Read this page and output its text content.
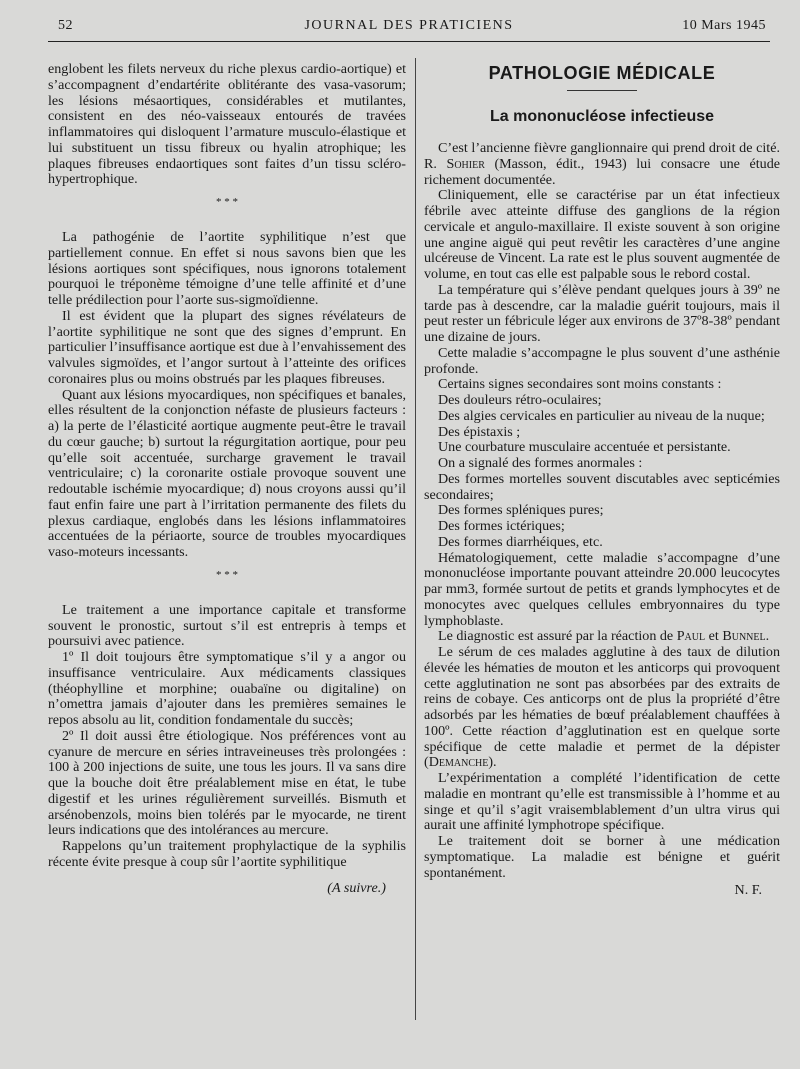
52	JOURNAL DES PRATICIENS	10 Mars 1945

englobent les filets nerveux du riche plexus cardio-aortique) et s’accompagnent d’endartérite oblitérante des vasa-vasorum; les lésions mésaortiques, considérables et mutilantes, consistent en des néo-vaisseaux entourés de travées inflammatoires qui disloquent l’armature musculo-élastique et lui substituent un tissu fibreux ou hyalin atrophique; les plaques fibreuses endaortiques sont faites d’un tissu scléro-hypertrophique.

* * *

La pathogénie de l’aortite syphilitique n’est que partiellement connue. En effet si nous savons bien que les lésions aortiques sont spécifiques, nous ignorons totalement pourquoi le tréponème témoigne d’une telle affinité et d’une telle prédilection pour l’aorte sus-sigmoïdienne.

Il est évident que la plupart des signes révélateurs de l’aortite syphilitique ne sont que des signes d’emprunt. En particulier l’insuffisance aortique est due à l’envahissement des valvules sigmoïdes, et l’angor surtout à l’atteinte des orifices coronaires plus ou moins obstrués par les plaques fibreuses.

Quant aux lésions myocardiques, non spécifiques et banales, elles résultent de la conjonction néfaste de plusieurs facteurs : a) la perte de l’élasticité aortique augmente peut-être le travail du cœur gauche; b) surtout la régurgitation aortique, pour peu qu’elle soit accentuée, surcharge gravement le travail ventriculaire; c) la coronarite ostiale provoque souvent une redoutable ischémie myocardique; d) nous croyons aussi qu’il faut enfin faire une part à l’irritation permanente des filets du plexus cardiaque, englobés dans les lésions inflammatoires accentuées de la périaorte, source de troubles myocardiques vaso-moteurs incessants.

* * *

Le traitement a une importance capitale et transforme souvent le pronostic, surtout s’il est entrepris à temps et poursuivi avec patience.

1º Il doit toujours être symptomatique s’il y a angor ou insuffisance ventriculaire. Aux médicaments classiques (théophylline et morphine; ouabaïne ou digitaline) on n’omettra jamais d’ajouter dans les premières semaines le repos absolu au lit, condition fondamentale du succès;

2º Il doit aussi être étiologique. Nos préférences vont au cyanure de mercure en séries intraveineuses très prolongées : 100 à 200 injections de suite, une tous les jours. Il va sans dire que la bouche doit être préalablement mise en état, le tube digestif et les urines régulièrement surveillés. Bismuth et arsénobenzols, moins bien tolérés par le myocarde, ne tirent leurs indications que des intolérances au mercure.

Rappelons qu’un traitement prophylactique de la syphilis récente évite presque à coup sûr l’aortite syphilitique

(A suivre.)

PATHOLOGIE MÉDICALE
La mononucléose infectieuse

C’est l’ancienne fièvre ganglionnaire qui prend droit de cité. R. Sohier (Masson, édit., 1943) lui consacre une étude richement documentée.

Cliniquement, elle se caractérise par un état infectieux fébrile avec atteinte diffuse des ganglions de la région cervicale et angulo-maxillaire. Il existe souvent à son origine une angine aiguë qui peut revêtir les caractères d’une angine ulcéreuse de Vincent. La rate est le plus souvent augmentée de volume, en tout cas elle est palpable sous le rebord costal.

La température qui s’élève pendant quelques jours à 39º ne tarde pas à descendre, car la maladie guérit toujours, mais il peut rester un fébricule léger aux environs de 37º8-38º pendant une dizaine de jours.

Cette maladie s’accompagne le plus souvent d’une asthénie profonde.

Certains signes secondaires sont moins constants :

Des douleurs rétro-oculaires;

Des algies cervicales en particulier au niveau de la nuque;

Des épistaxis ;

Une courbature musculaire accentuée et persistante.

On a signalé des formes anormales :

Des formes mortelles souvent discutables avec septicémies secondaires;

Des formes spléniques pures;

Des formes ictériques;

Des formes diarrhéiques, etc.

Hématologiquement, cette maladie s’accompagne d’une mononucléose importante pouvant atteindre 20.000 leucocytes par mm3, formée surtout de petits et grands lymphocytes et de monocytes avec quelques cellules embryonnaires du type lymphoblaste.

Le diagnostic est assuré par la réaction de Paul et Bunnel.

Le sérum de ces malades agglutine à des taux de dilution élevée les hématies de mouton et les anticorps qui provoquent cette agglutination ne sont pas absorbées par des extraits de reins de cobaye. Ces anticorps ont de plus la propriété d’être adsorbés par les hématies de bœuf préalablement chauffées à 100º. Cette réaction d’agglutination est en quelque sorte spécifique de cette maladie et permet de la dépister (Demanche).

L’expérimentation a complété l’identification de cette maladie en montrant qu’elle est transmissible à l’homme et au singe et qu’il s’agit vraisemblablement d’un ultra virus qui aurait une affinité lymphotrope spécifique.

Le traitement doit se borner à une médication symptomatique. La maladie est bénigne et guérit spontanément.

N. F.
